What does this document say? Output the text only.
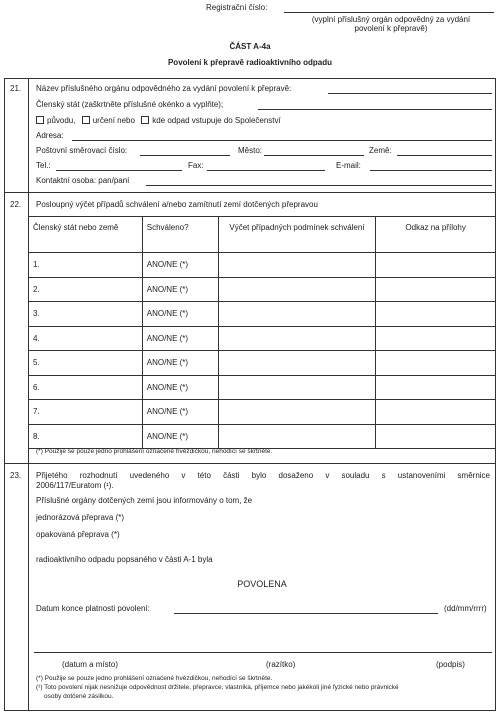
Registrační číslo:
(vyplní příslušný orgán odpovědný za vydání
povolení k přepravě)
ČÁST A-4a
Povolení k přepravě radioaktivního odpadu
21. Název příslušného orgánu odpovědného za vydání povolení k přepravě:
Členský stát (zaškrtněte příslušné okénko a vyplňte);
původu, určení nebo kde odpad vstupuje do Společenství
Adresa:
Poštovní směrovací číslo:	Město:	Země:
Tel.:	Fax:	E-mail:
Kontaktní osoba: pan/paní
22. Posloupný výčet případů schválení a/nebo zamítnutí zemí dotčených přepravou
Členský stát nebo země	Schváleno?	Výčet případných podmínek schválení	Odkaz na přílohy
1.	ANO/NE (*)		
2.	ANO/NE (*)		
3.	ANO/NE (*)		
4.	ANO/NE (*)		
5.	ANO/NE (*)		
6.	ANO/NE (*)		
7.	ANO/NE (*)		
8.	ANO/NE (*)		
(*) Použije se pouze jedno prohlášení označené hvězdičkou, nehodící se škrtněte.
23. Přijetého rozhodnutí uvedeného v této části bylo dosaženo v souladu s ustanoveními směrnice
2006/117/Euratom (¹).
Příslušné orgány dotčených zemí jsou informovány o tom, že
jednorázová přeprava (*)
opakovaná přeprava (*)
radioaktivního odpadu popsaného v části A-1 byla
POVOLENA
Datum konce platnosti povolení:	(dd/mm/rrrr)
(datum a místo)	(razítko)	(podpis)
(*) Použije se pouze jedno prohlášení označené hvězdičkou, nehodící se škrtněte.
(¹) Toto povolení nijak nesnižuje odpovědnost držitele, přepravce, vlastníka, příjemce nebo jakékoli jiné fyzické nebo právnické
osoby dotčené zásilkou.
